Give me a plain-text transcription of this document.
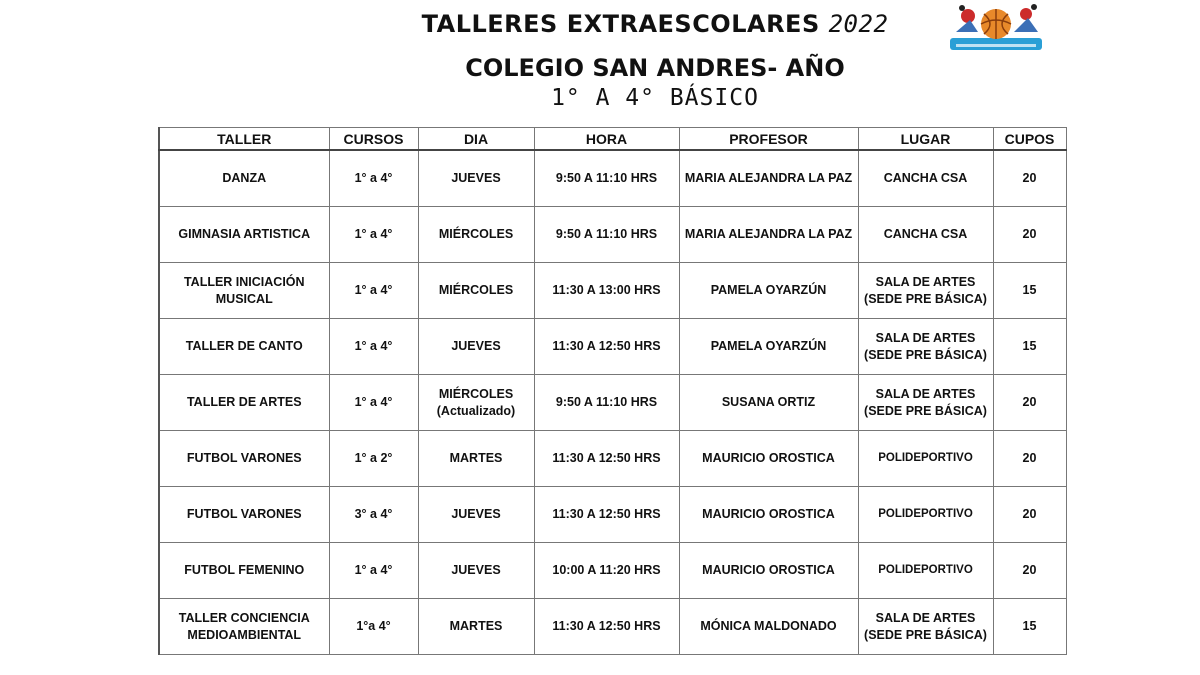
TALLERES EXTRAESCOLARES 2022
COLEGIO SAN ANDRES- AÑO
1° A 4° BÁSICO
TALLER	CURSOS	DIA	HORA	PROFESOR	LUGAR	CUPOS
DANZA	1° a 4°	JUEVES	9:50 A 11:10 HRS	MARIA ALEJANDRA LA PAZ	CANCHA CSA	20
GIMNASIA ARTISTICA	1° a 4°	MIÉRCOLES	9:50 A 11:10 HRS	MARIA ALEJANDRA LA PAZ	CANCHA CSA	20
TALLER INICIACIÓN MUSICAL	1° a 4°	MIÉRCOLES	11:30 A 13:00 HRS	PAMELA OYARZÚN	SALA DE ARTES (SEDE PRE BÁSICA)	15
TALLER DE CANTO	1° a 4°	JUEVES	11:30 A 12:50 HRS	PAMELA OYARZÚN	SALA DE ARTES (SEDE PRE BÁSICA)	15
TALLER DE ARTES	1° a 4°	MIÉRCOLES (Actualizado)	9:50 A 11:10 HRS	SUSANA ORTIZ	SALA DE ARTES (SEDE PRE BÁSICA)	20
FUTBOL VARONES	1° a 2°	MARTES	11:30 A 12:50 HRS	MAURICIO OROSTICA	POLIDEPORTIVO	20
FUTBOL VARONES	3° a 4°	JUEVES	11:30 A 12:50 HRS	MAURICIO OROSTICA	POLIDEPORTIVO	20
FUTBOL FEMENINO	1° a 4°	JUEVES	10:00 A 11:20 HRS	MAURICIO OROSTICA	POLIDEPORTIVO	20
TALLER CONCIENCIA MEDIOAMBIENTAL	1°a 4°	MARTES	11:30 A 12:50 HRS	MÓNICA MALDONADO	SALA DE ARTES (SEDE PRE BÁSICA)	15
